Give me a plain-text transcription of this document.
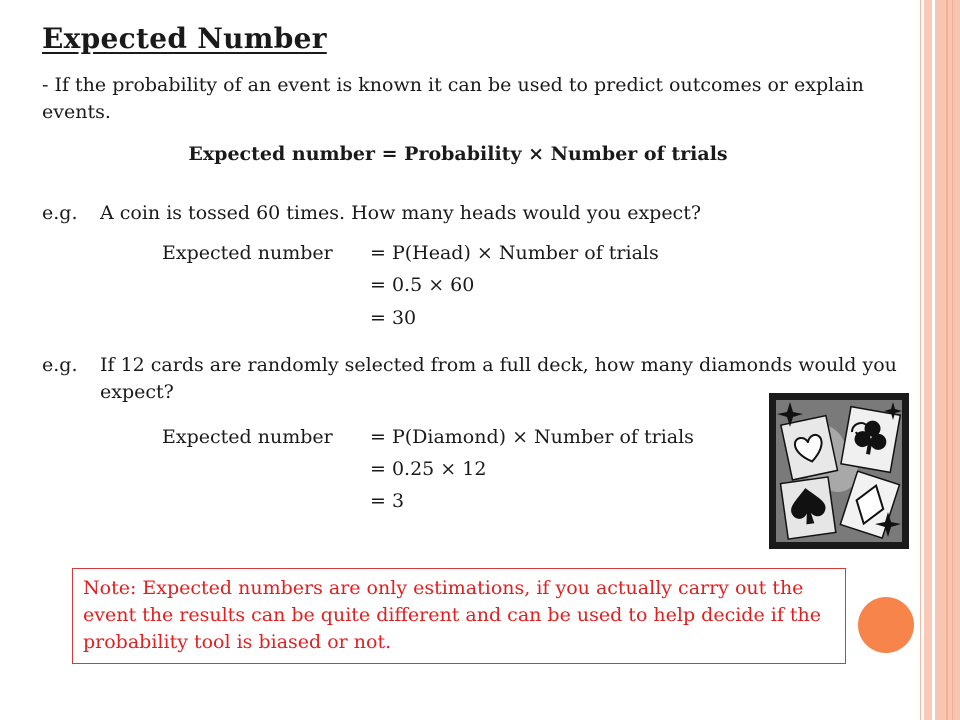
Expected Number
- If the probability of an event is known it can be used to predict outcomes or explain events.
Expected number = Probability × Number of trials
e.g. A coin is tossed 60 times. How many heads would you expect?
Expected number = P(Head) × Number of trials
= 0.5 × 60
= 30
e.g. If 12 cards are randomly selected from a full deck, how many diamonds would you expect?
Expected number = P(Diamond) × Number of trials
= 0.25 × 12
= 3
Note: Expected numbers are only estimations, if you actually carry out the event the results can be quite different and can be used to help decide if the probability tool is biased or not.
